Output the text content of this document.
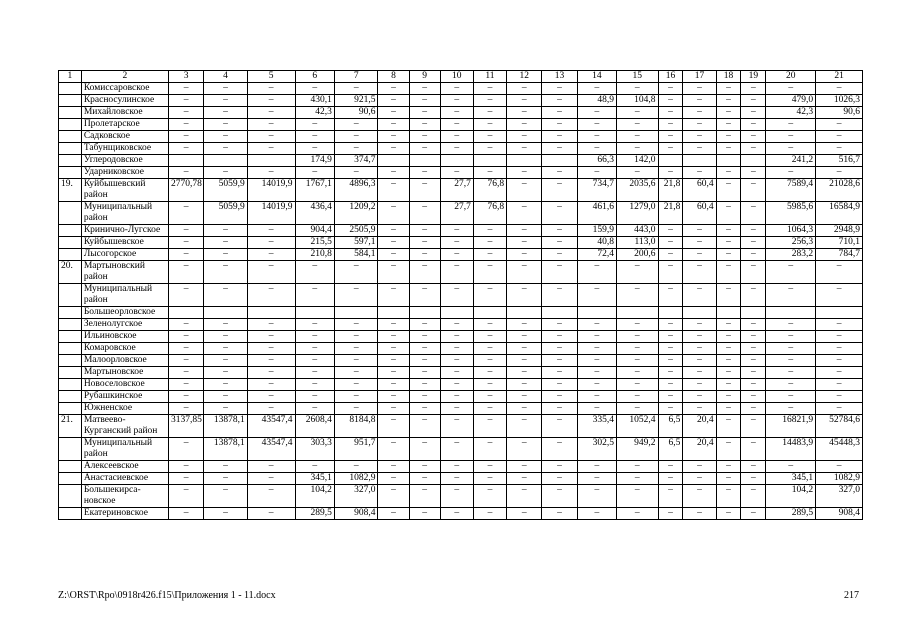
1	2	3	4	5	6	7	8	9	10	11	12	13	14	15	16	17	18	19	20	21
	Комиссаровское	–	–	–	–	–	–	–	–	–	–	–	–	–	–	–	–	–	–	–
	Красносулинское	–	–	–	430,1	921,5	–	–	–	–	–	–	48,9	104,8	–	–	–	–	479,0	1026,3
	Михайловское	–	–	–	42,3	90,6	–	–	–	–	–	–	–	–	–	–	–	–	42,3	90,6
	Пролетарское	–	–	–	–	–	–	–	–	–	–	–	–	–	–	–	–	–	–	–
	Садковское	–	–	–	–	–	–	–	–	–	–	–	–	–	–	–	–	–	–	–
	Табунщиковское	–	–	–	–	–	–	–	–	–	–	–	–	–	–	–	–	–	–	–
	Углеродовское				174,9	374,7							66,3	142,0					241,2	516,7
	Ударниковское	–	–	–	–	–	–	–	–	–	–	–	–	–	–	–	–	–	–	–
19.	Куйбышевский район	2770,78	5059,9	14019,9	1767,1	4896,3	–	–	27,7	76,8	–	–	734,7	2035,6	21,8	60,4	–	–	7589,4	21028,6
	Муниципальный район	–	5059,9	14019,9	436,4	1209,2	–	–	27,7	76,8	–	–	461,6	1279,0	21,8	60,4	–	–	5985,6	16584,9
	Кринично-Лугское	–	–	–	904,4	2505,9	–	–	–	–	–	–	159,9	443,0	–	–	–	–	1064,3	2948,9
	Куйбышевское	–	–	–	215,5	597,1	–	–	–	–	–	–	40,8	113,0	–	–	–	–	256,3	710,1
	Лысогорское	–	–	–	210,8	584,1	–	–	–	–	–	–	72,4	200,6	–	–	–	–	283,2	784,7
20.	Мартыновский район	–	–	–	–	–	–	–	–	–	–	–	–	–	–	–	–	–	–	–
	Муниципальный район	–	–	–	–	–	–	–	–	–	–	–	–	–	–	–	–	–	–	–
	Большеорловское																			
	Зеленолугское	–	–	–	–	–	–	–	–	–	–	–	–	–	–	–	–	–	–	–
	Ильиновское	–	–	–	–	–	–	–	–	–	–	–	–	–	–	–	–	–	–	–
	Комаровское	–	–	–	–	–	–	–	–	–	–	–	–	–	–	–	–	–	–	–
	Малоорловское	–	–	–	–	–	–	–	–	–	–	–	–	–	–	–	–	–	–	–
	Мартыновское	–	–	–	–	–	–	–	–	–	–	–	–	–	–	–	–	–	–	–
	Новоселовское	–	–	–	–	–	–	–	–	–	–	–	–	–	–	–	–	–	–	–
	Рубашкинское	–	–	–	–	–	–	–	–	–	–	–	–	–	–	–	–	–	–	–
	Южненское	–	–	–	–	–	–	–	–	–	–	–	–	–	–	–	–	–	–	–
21.	Матвеево-Курганский район	3137,85	13878,1	43547,4	2608,4	8184,8	–	–	–	–	–	–	335,4	1052,4	6,5	20,4	–	–	16821,9	52784,6
	Муниципальный район	–	13878,1	43547,4	303,3	951,7	–	–	–	–	–	–	302,5	949,2	6,5	20,4	–	–	14483,9	45448,3
	Алексеевское	–	–	–	–	–	–	–	–	–	–	–	–	–	–	–	–	–	–	–
	Анастасиевское	–	–	–	345,1	1082,9	–	–	–	–	–	–	–	–	–	–	–	–	345,1	1082,9
	Большекирса-новское	–	–	–	104,2	327,0	–	–	–	–	–	–	–	–	–	–	–	–	104,2	327,0
	Екатериновское	–	–	–	289,5	908,4	–	–	–	–	–	–	–	–	–	–	–	–	289,5	908,4
Z:\ORST\Rpo\0918r426.f15\Приложения 1 - 11.docx	217
